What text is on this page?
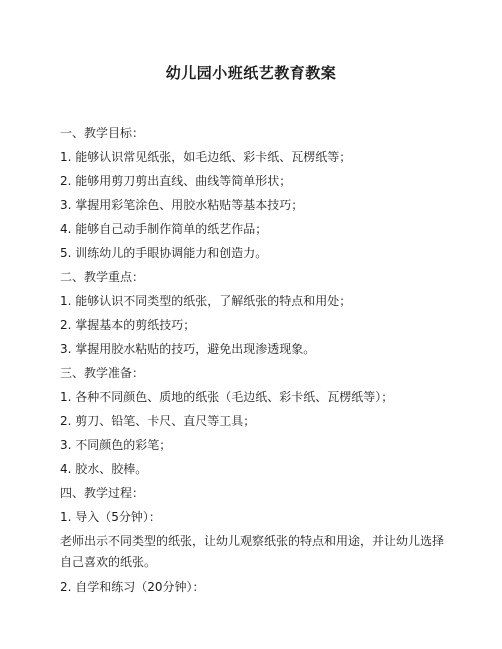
幼儿园小班纸艺教育教案
一、教学目标：
1. 能够认识常见纸张，如毛边纸、彩卡纸、瓦楞纸等；
2. 能够用剪刀剪出直线、曲线等简单形状；
3. 掌握用彩笔涂色、用胶水粘贴等基本技巧；
4. 能够自己动手制作简单的纸艺作品；
5. 训练幼儿的手眼协调能力和创造力。
二、教学重点：
1. 能够认识不同类型的纸张，了解纸张的特点和用处；
2. 掌握基本的剪纸技巧；
3. 掌握用胶水粘贴的技巧，避免出现渗透现象。
三、教学准备：
1. 各种不同颜色、质地的纸张（毛边纸、彩卡纸、瓦楞纸等）；
2. 剪刀、铅笔、卡尺、直尺等工具；
3. 不同颜色的彩笔；
4. 胶水、胶棒。
四、教学过程：
1. 导入（5分钟）：
老师出示不同类型的纸张，让幼儿观察纸张的特点和用途，并让幼儿选择自己喜欢的纸张。
2. 自学和练习（20分钟）：
